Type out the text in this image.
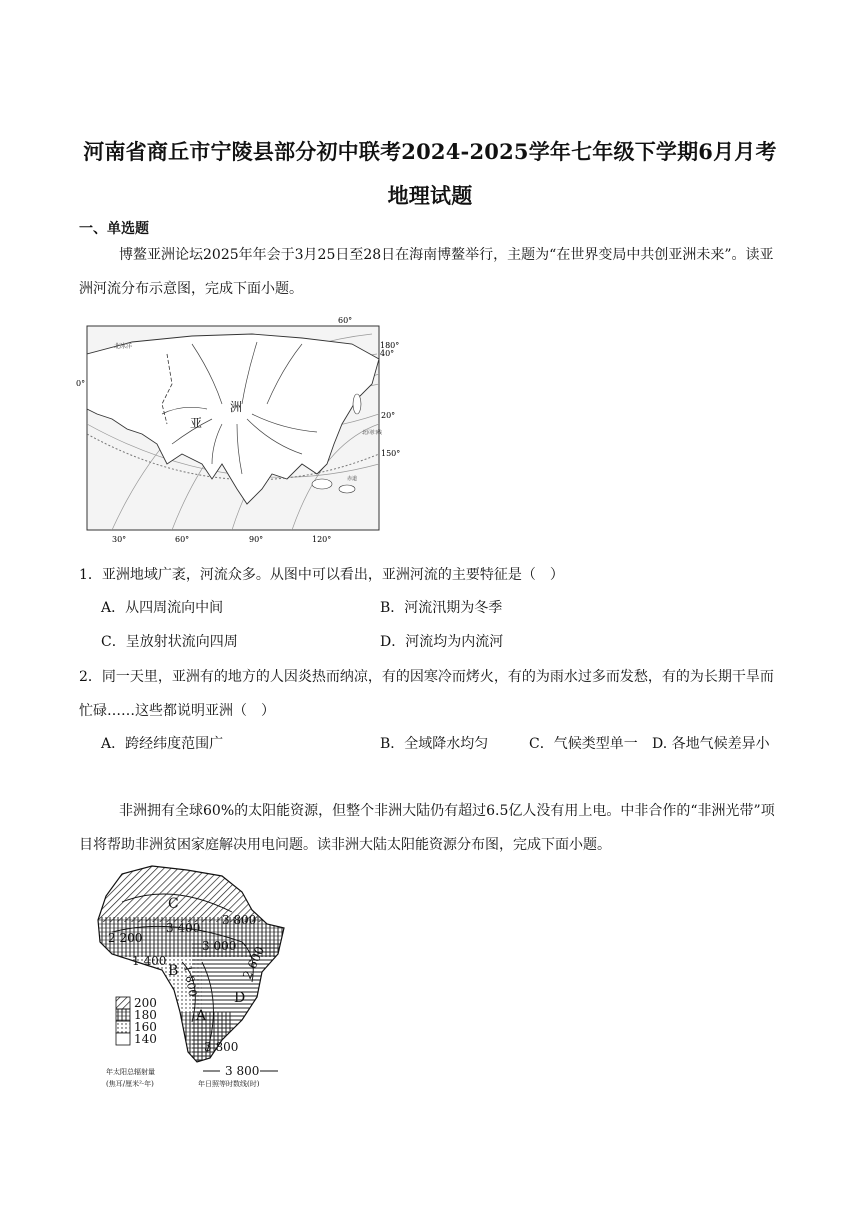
河南省商丘市宁陵县部分初中联考2024-2025学年七年级下学期6月月考
地理试题
一、单选题
博鳌亚洲论坛2025年年会于3月25日至28日在海南博鳌举行，主题为“在世界变局中共创亚洲未来”。读亚洲河流分布示意图，完成下面小题。
60°
180°
40°
20°
150°
0°
30°	60°	90°	120°
亚
洲
北冰洋
北回归线
赤道
1．亚洲地域广袤，河流众多。从图中可以看出，亚洲河流的主要特征是（　）
A．从四周流向中间	B．河流汛期为冬季
C．呈放射状流向四周	D．河流均为内流河
2．同一天里，亚洲有的地方的人因炎热而纳凉，有的因寒冷而烤火，有的为雨水过多而发愁，有的为长期干旱而忙碌……这些都说明亚洲（　）
A．跨经纬度范围广	B．全域降水均匀	C．气候类型单一 D. 各地气候差异小
非洲拥有全球60%的太阳能资源，但整个非洲大陆仍有超过6.5亿人没有用上电。中非合作的“非洲光带”项目将帮助非洲贫困家庭解决用电问题。读非洲大陆太阳能资源分布图，完成下面小题。
C
B
D
A
3 800
3 400
3 000
2 200
1 400	2 600
3 800
1 800
200
180
160
140
年太阳总辐射量
(焦耳/厘米²·年)
3 800
年日照等时数线(时)
